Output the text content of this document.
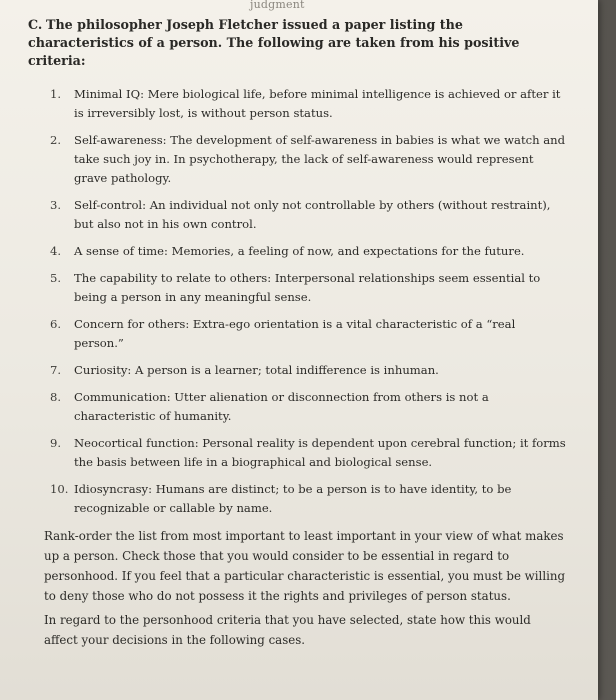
judgment

C. The philosopher Joseph Fletcher issued a paper listing the characteristics of a person. The following are taken from his positive criteria:

1.	Minimal IQ: Mere biological life, before minimal intelligence is achieved or after it is irreversibly lost, is without person status.
2.	Self-awareness: The development of self-awareness in babies is what we watch and take such joy in. In psychotherapy, the lack of self-awareness would represent grave pathology.
3.	Self-control: An individual not only not controllable by others (without restraint), but also not in his own control.
4.	A sense of time: Memories, a feeling of now, and expectations for the future.
5.	The capability to relate to others: Interpersonal relationships seem essential to being a person in any meaningful sense.
6.	Concern for others: Extra-ego orientation is a vital characteristic of a “real person.”
7.	Curiosity: A person is a learner; total indifference is inhuman.
8.	Communication: Utter alienation or disconnection from others is not a characteristic of humanity.
9.	Neocortical function: Personal reality is dependent upon cerebral function; it forms the basis between life in a biographical and biological sense.
10. Idiosyncrasy: Humans are distinct; to be a person is to have identity, to be recognizable or callable by name.

Rank-order the list from most important to least important in your view of what makes up a person. Check those that you would consider to be essential in regard to personhood. If you feel that a particular characteristic is essential, you must be willing to deny those who do not possess it the rights and privileges of person status.

In regard to the personhood criteria that you have selected, state how this would affect your decisions in the following cases.
